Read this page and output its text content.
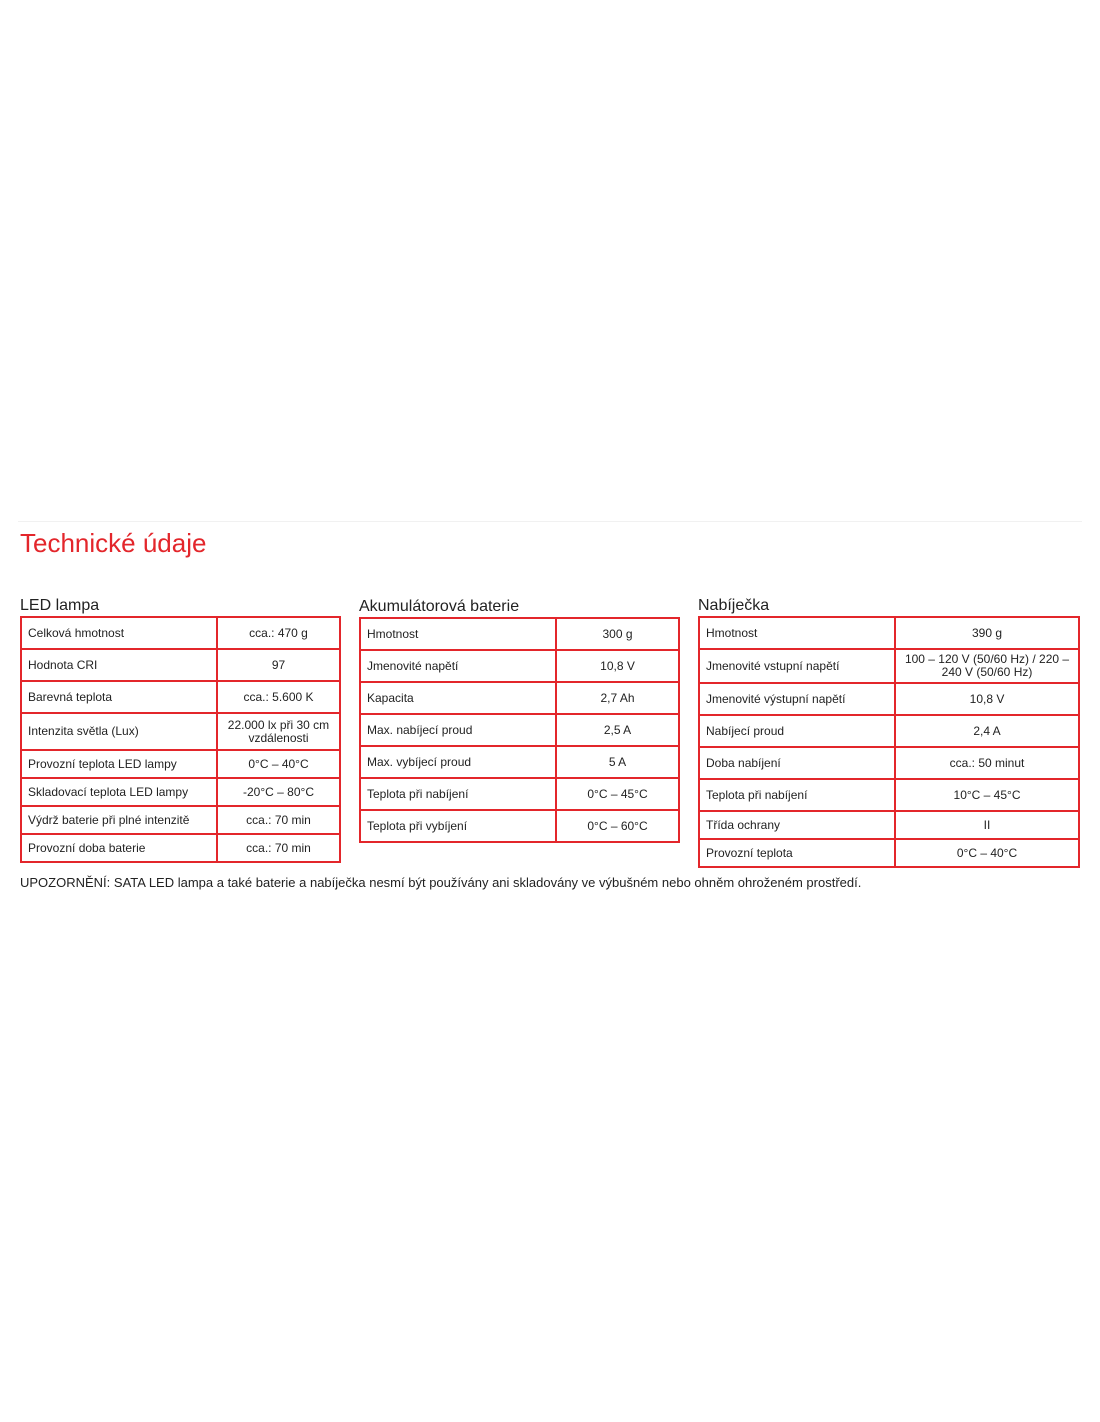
Technické údaje
LED lampa
Celková hmotnost	cca.: 470 g
Hodnota CRI	97
Barevná teplota	cca.: 5.600 K
Intenzita světla (Lux)	22.000 lx při 30 cm vzdálenosti
Provozní teplota LED lampy	0°C – 40°C
Skladovací teplota LED lampy	-20°C – 80°C
Výdrž baterie při plné intenzitě	cca.: 70 min
Provozní doba baterie	cca.: 70 min
Akumulátorová baterie
Hmotnost	300 g
Jmenovité napětí	10,8 V
Kapacita	2,7 Ah
Max. nabíjecí proud	2,5 A
Max. vybíjecí proud	5 A
Teplota při nabíjení	0°C – 45°C
Teplota při vybíjení	0°C – 60°C
Nabíječka
Hmotnost	390 g
Jmenovité vstupní napětí	100 – 120 V (50/60 Hz) / 220 – 240 V (50/60 Hz)
Jmenovité výstupní napětí	10,8 V
Nabíjecí proud	2,4 A
Doba nabíjení	cca.: 50 minut
Teplota při nabíjení	10°C – 45°C
Třída ochrany	II
Provozní teplota	0°C – 40°C

UPOZORNĚNÍ: SATA LED lampa a také baterie a nabíječka nesmí být používány ani skladovány ve výbušném nebo ohněm ohroženém prostředí.
